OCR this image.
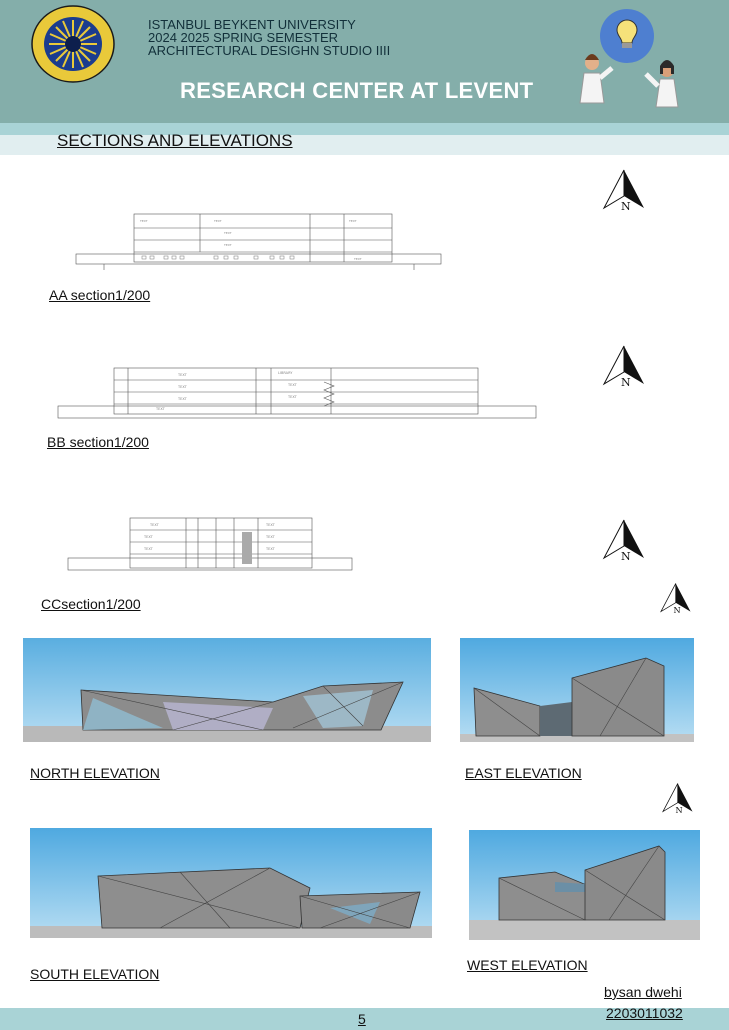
ISTANBUL BEYKENT UNIVERSITY
2024 2025 SPRING SEMESTER
ARCHITECTURAL DESIGHN STUDIO IIII
RESEARCH CENTER AT LEVENT
SECTIONS AND ELEVATIONS
TEXT	TEXT	TEXT
TEXT
TEXT
TEXT
N
AA section1/200
LIBRARY
TEXT
TEXT
TEXT
TEXT
TEXT
TEXT
N
BB section1/200
TEXT
TEXT
TEXT
TEXT
TEXT
TEXT
N
CCsection1/200	N
NORTH ELEVATION	EAST ELEVATION
N
SOUTH ELEVATION
WEST ELEVATION
bysan dwehi
2203011032
5
